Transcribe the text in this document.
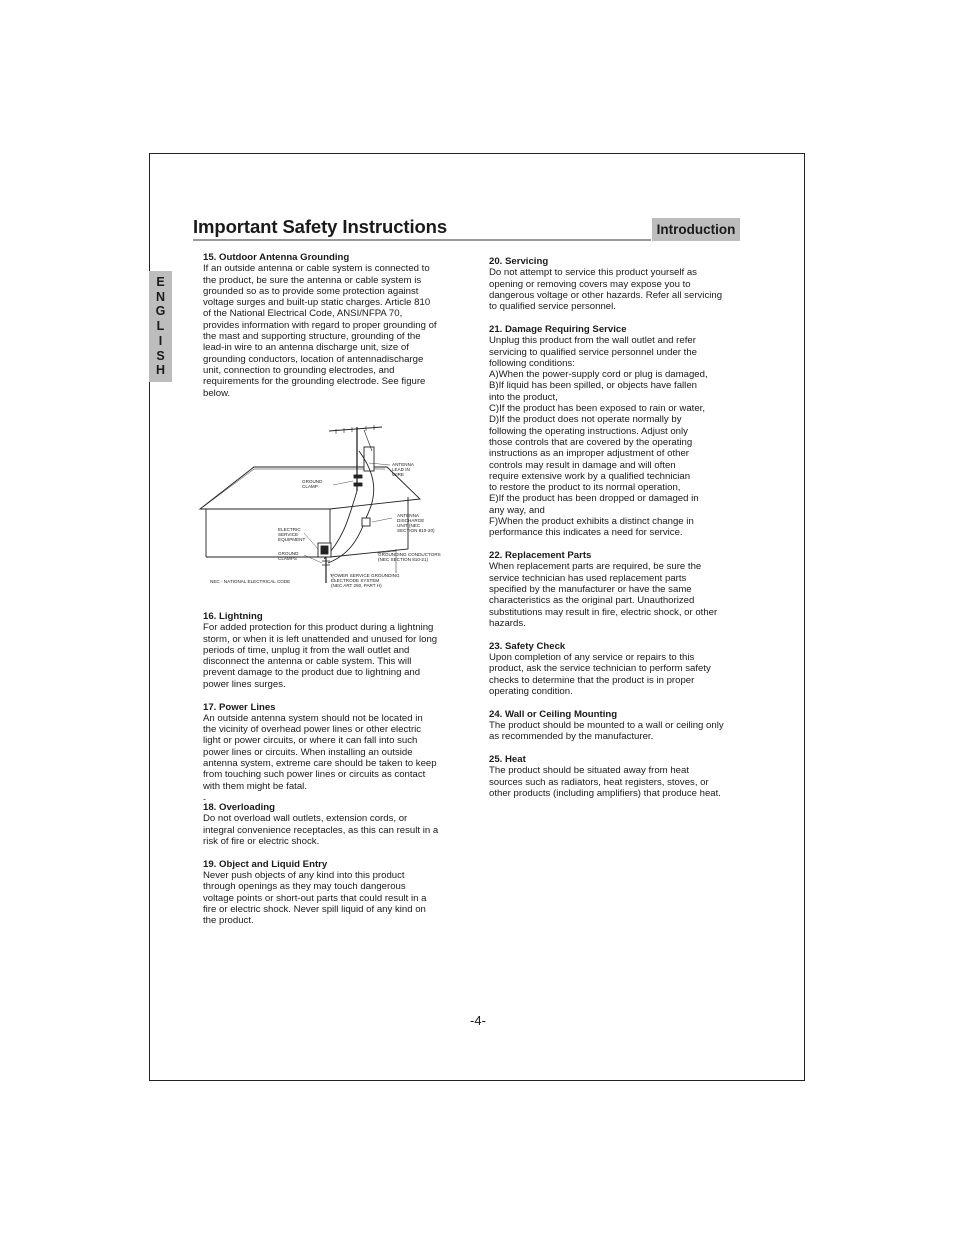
Important Safety Instructions	Introduction
E
N
G
L
I
S
H
15. Outdoor Antenna Grounding

If an outside antenna or cable system is connected to
the product, be sure the antenna or cable system is
grounded so as to provide some protection against
voltage surges and built-up static charges. Article 810
of the National Electrical Code, ANSI/NFPA 70,
provides information with regard to proper grounding of
the mast and supporting structure, grounding of the
lead-in wire to an antenna discharge unit, size of
grounding conductors, location of antennadischarge
unit, connection to grounding electrodes, and
requirements for the grounding electrode. See figure
below.

ANTENNA
LEAD IN
WIRE
GROUND
CLAMP
ANTENNA
DISCHARGE
UNIT (NEC
SECTION 810-20)
ELECTRIC
SERVICE
EQUIPMENT
GROUND
CLAMPS
GROUNDING CONDUCTORS
(NEC SECTION 810-21)
NEC - NATIONAL ELECTRICAL CODE
POWER SERVICE GROUNDING
ELECTRODE SYSTEM
(NEC ART 250, PART H)
16. Lightning

For added protection for this product during a lightning
storm, or when it is left unattended and unused for long
periods of time, unplug it from the wall outlet and
disconnect the antenna or cable system. This will
prevent damage to the product due to lightning and
power lines surges.

17. Power Lines

An outside antenna system should not be located in
the vicinity of overhead power lines or other electric
light or power circuits, or where it can fall into such
power lines or circuits. When installing an outside
antenna system, extreme care should be taken to keep
from touching such power lines or circuits as contact
with them might be fatal.

-
18. Overloading

Do not overload wall outlets, extension cords, or
integral convenience receptacles, as this can result in a
risk of fire or electric shock.

19. Object and Liquid Entry

Never push objects of any kind into this product
through openings as they may touch dangerous
voltage points or short-out parts that could result in a
fire or electric shock. Never spill liquid of any kind on
the product.

20. Servicing

Do not attempt to service this product yourself as
opening or removing covers may expose you to
dangerous voltage or other hazards. Refer all servicing
to qualified service personnel.

21. Damage Requiring Service

Unplug this product from the wall outlet and refer
servicing to qualified service personnel under the
following conditions:
A)When the power-supply cord or plug is damaged,
B)If liquid has been spilled, or objects have fallen
into the product,
C)If the product has been exposed to rain or water,
D)If the product does not operate normally by
following the operating instructions. Adjust only
those controls that are covered by the operating
instructions as an improper adjustment of other
controls may result in damage and will often
require extensive work by a qualified technician
to restore the product to its normal operation,
E)If the product has been dropped or damaged in
any way, and
F)When the product exhibits a distinct change in
performance this indicates a need for service.

22. Replacement Parts

When replacement parts are required, be sure the
service technician has used replacement parts
specified by the manufacturer or have the same
characteristics as the original part. Unauthorized
substitutions may result in fire, electric shock, or other
hazards.

23. Safety Check

Upon completion of any service or repairs to this
product, ask the service technician to perform safety
checks to determine that the product is in proper
operating condition.

24. Wall or Ceiling Mounting

The product should be mounted to a wall or ceiling only
as recommended by the manufacturer.

25. Heat

The product should be situated away from heat
sources such as radiators, heat registers, stoves, or
other products (including amplifiers) that produce heat.

-4-
